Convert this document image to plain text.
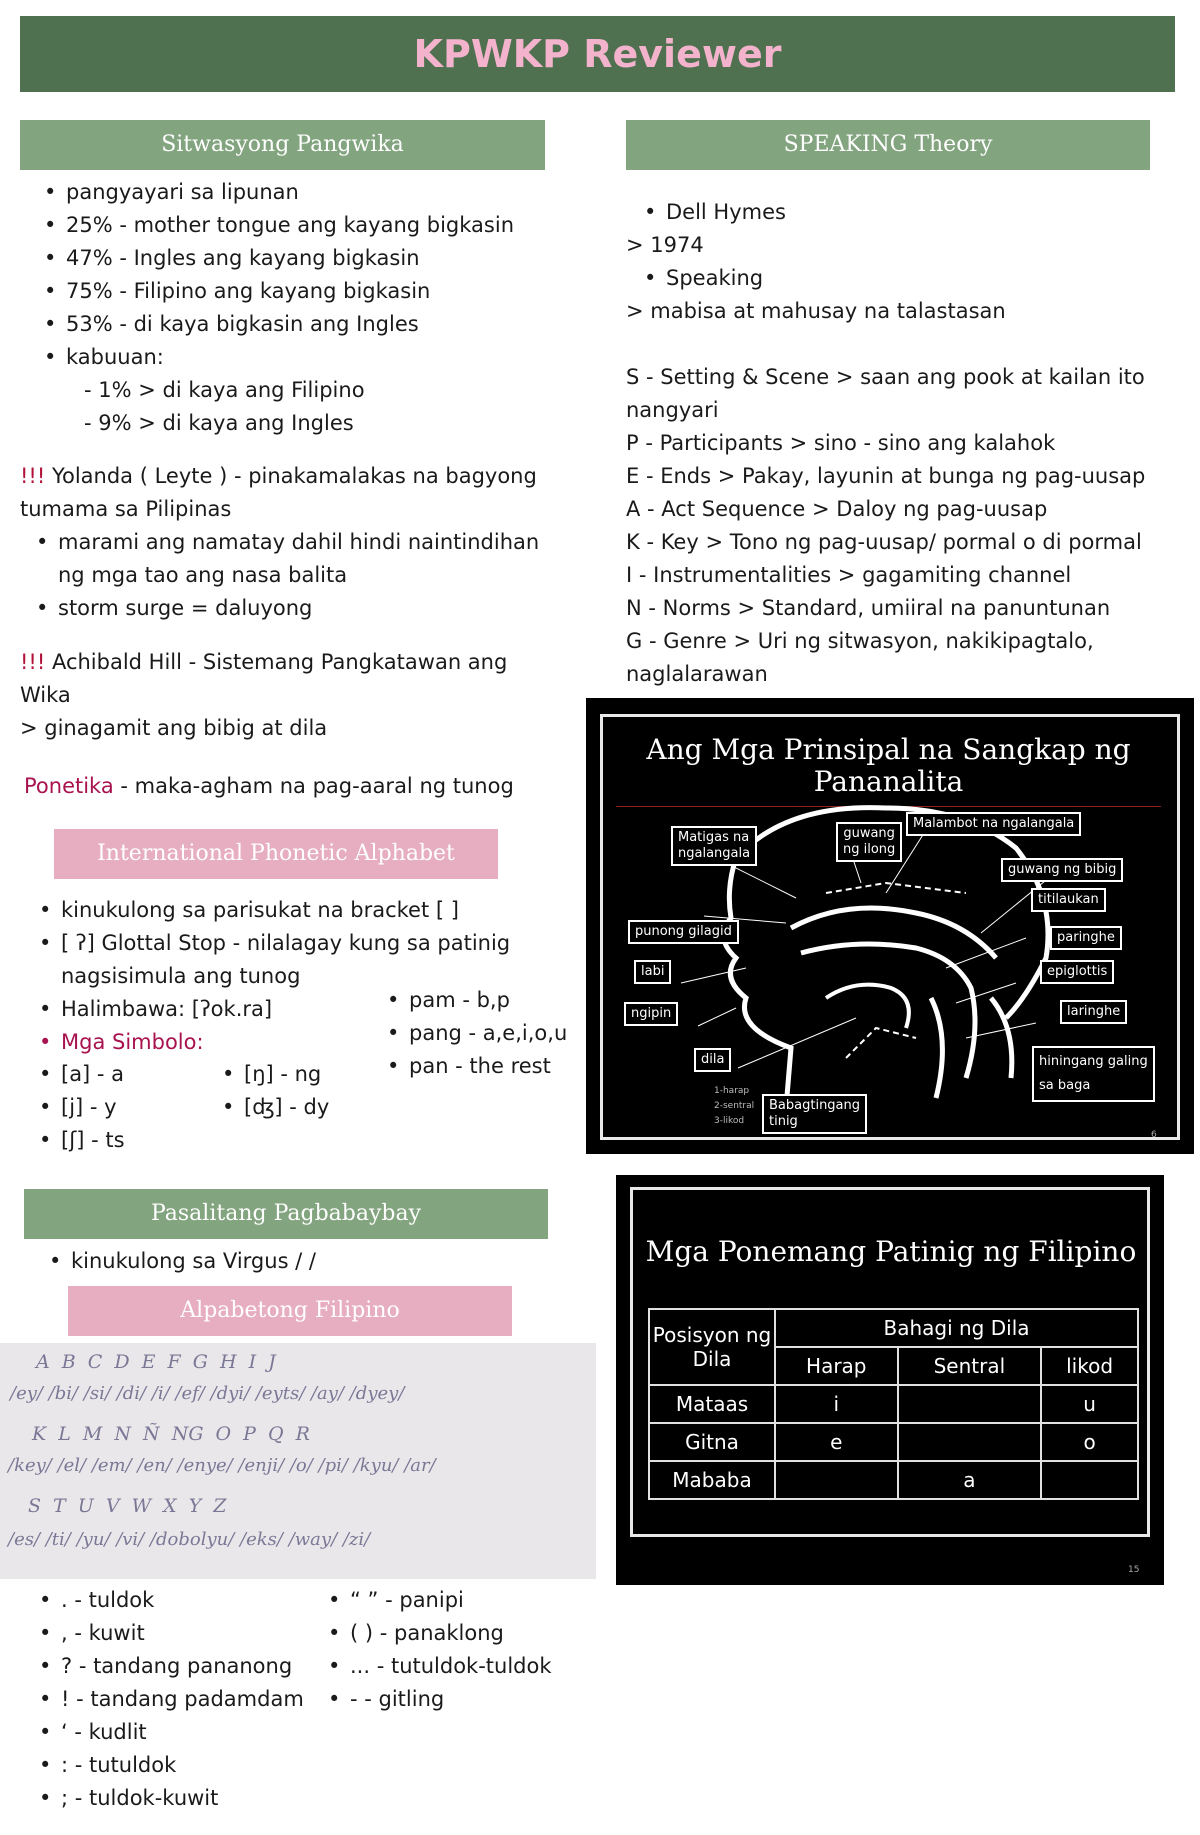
KPWKP Reviewer
Sitwasyong Pangwika
• pangyayari sa lipunan
• 25% - mother tongue ang kayang bigkasin
• 47% - Ingles ang kayang bigkasin
• 75% - Filipino ang kayang bigkasin
• 53% - di kaya bigkasin ang Ingles
• kabuuan:
- 1% > di kaya ang Filipino
- 9% > di kaya ang Ingles
!!! Yolanda ( Leyte ) - pinakamalakas na bagyong
tumama sa Pilipinas
• marami ang namatay dahil hindi naintindihan
ng mga tao ang nasa balita
• storm surge = daluyong
!!! Achibald Hill - Sistemang Pangkatawan ang
Wika
> ginagamit ang bibig at dila
Ponetika - maka-agham na pag-aaral ng tunog
International Phonetic Alphabet
• kinukulong sa parisukat na bracket [ ]
• [ ʔ] Glottal Stop - nilalagay kung sa patinig
nagsisimula ang tunog
• Halimbawa: [ʔok.ra]
• Mga Simbolo:
• [a] - a
• [j] - y
• [ʃ] - ts
• [ŋ] - ng
• [ʤ] - dy
• pam - b,p
• pang - a,e,i,o,u
• pan - the rest
Pasalitang Pagbabaybay
• kinukulong sa Virgus / /
Alpabetong Filipino
A B C D E F G H I J
/ey/ /bi/ /si/ /di/ /i/ /ef/ /dyi/ /eyts/ /ay/ /dyey/
K L M N Ñ NG O P Q R
/key/ /el/ /em/ /en/ /enye/ /enji/ /o/ /pi/ /kyu/ /ar/
S T U V W X Y Z
/es/ /ti/ /yu/ /vi/ /dobolyu/ /eks/ /way/ /zi/
• . - tuldok
• , - kuwit
• ? - tandang pananong
• ! - tandang padamdam
• ‘ - kudlit
• : - tutuldok
• ; - tuldok-kuwit
• “ ” - panipi
• ( ) - panaklong
• ... - tutuldok-tuldok
• - - gitling
SPEAKING Theory
• Dell Hymes
> 1974
• Speaking
> mabisa at mahusay na talastasan
S - Setting & Scene > saan ang pook at kailan ito
nangyari
P - Participants > sino - sino ang kalahok
E - Ends > Pakay, layunin at bunga ng pag-uusap
A - Act Sequence > Daloy ng pag-uusap
K - Key > Tono ng pag-uusap/ pormal o di pormal
I - Instrumentalities > gagamiting channel
N - Norms > Standard, umiiral na panuntunan
G - Genre > Uri ng sitwasyon, nakikipagtalo,
naglalarawan
Ang Mga Prinsipal na Sangkap ng
Pananalita
Matigas na
ngalangala
guwang
ng ilong
Malambot na ngalangala
guwang ng bibig
titilaukan
punong gilagid	paringhe
labi	epiglottis
ngipin	laringhe
dila	hiningang galing
sa baga
Babagtingang
tinig
1-harap
2-sentral
3-likod
6
Mga Ponemang Patinig ng Filipino
Posisyon ng Dila	Bahagi ng Dila		
	Harap	Sentral	likod
Mataas	i		u
Gitna	e		o
Mababa		a	
15
